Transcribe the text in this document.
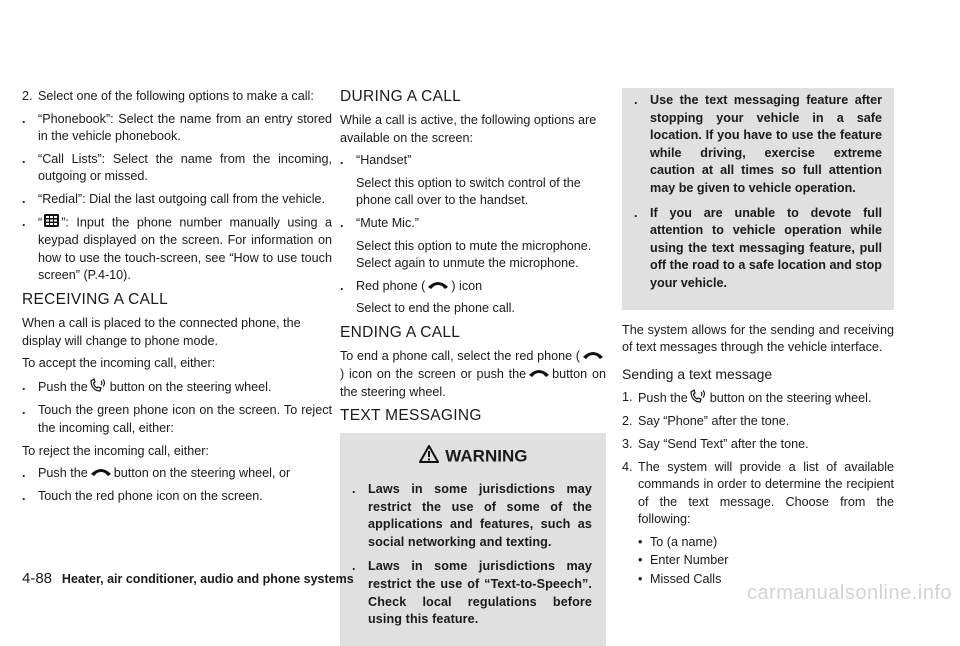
2. Select one of the following options to make a call:
. “Phonebook”: Select the name from an entry stored in the vehicle phonebook.
. “Call Lists”: Select the name from the incoming, outgoing or missed.
. “Redial”: Dial the last outgoing call from the vehicle.
. “ ”: Input the phone number manually using a keypad displayed on the screen. For information on how to use the touch-screen, see “How to use touch screen” (P.4-10).
RECEIVING A CALL

When a call is placed to the connected phone, the display will change to phone mode.

To accept the incoming call, either:

. Push the button on the steering wheel.
. Touch the green phone icon on the screen. To reject the incoming call, either:

To reject the incoming call, either:

. Push the button on the steering wheel, or
. Touch the red phone icon on the screen.
DURING A CALL

While a call is active, the following options are available on the screen:

. “Handset”
Select this option to switch control of the phone call over to the handset.
. “Mute Mic.”
Select this option to mute the microphone. Select again to unmute the microphone.
. Red phone ( ) icon
Select to end the phone call.
ENDING A CALL

To end a phone call, select the red phone () icon on the screen or push the button on the steering wheel.

TEXT MESSAGING
WARNING
. Laws in some jurisdictions may restrict the use of some of the applications and features, such as social networking and texting.
. Laws in some jurisdictions may restrict the use of “Text-to-Speech”. Check local regulations before using this feature.
. Use the text messaging feature after stopping your vehicle in a safe location. If you have to use the feature while driving, exercise extreme caution at all times so full attention may be given to vehicle operation.
. If you are unable to devote full attention to vehicle operation while using the text messaging feature, pull off the road to a safe location and stop your vehicle.

The system allows for the sending and receiving of text messages through the vehicle interface.

Sending a text message
1. Push the button on the steering wheel.
2. Say “Phone” after the tone.
3. Say “Send Text” after the tone.
4. The system will provide a list of available commands in order to determine the recipient of the text message. Choose from the following:
• To (a name)
• Enter Number
• Missed Calls
4-88 Heater, air conditioner, audio and phone systems
carmanualsonline.info
